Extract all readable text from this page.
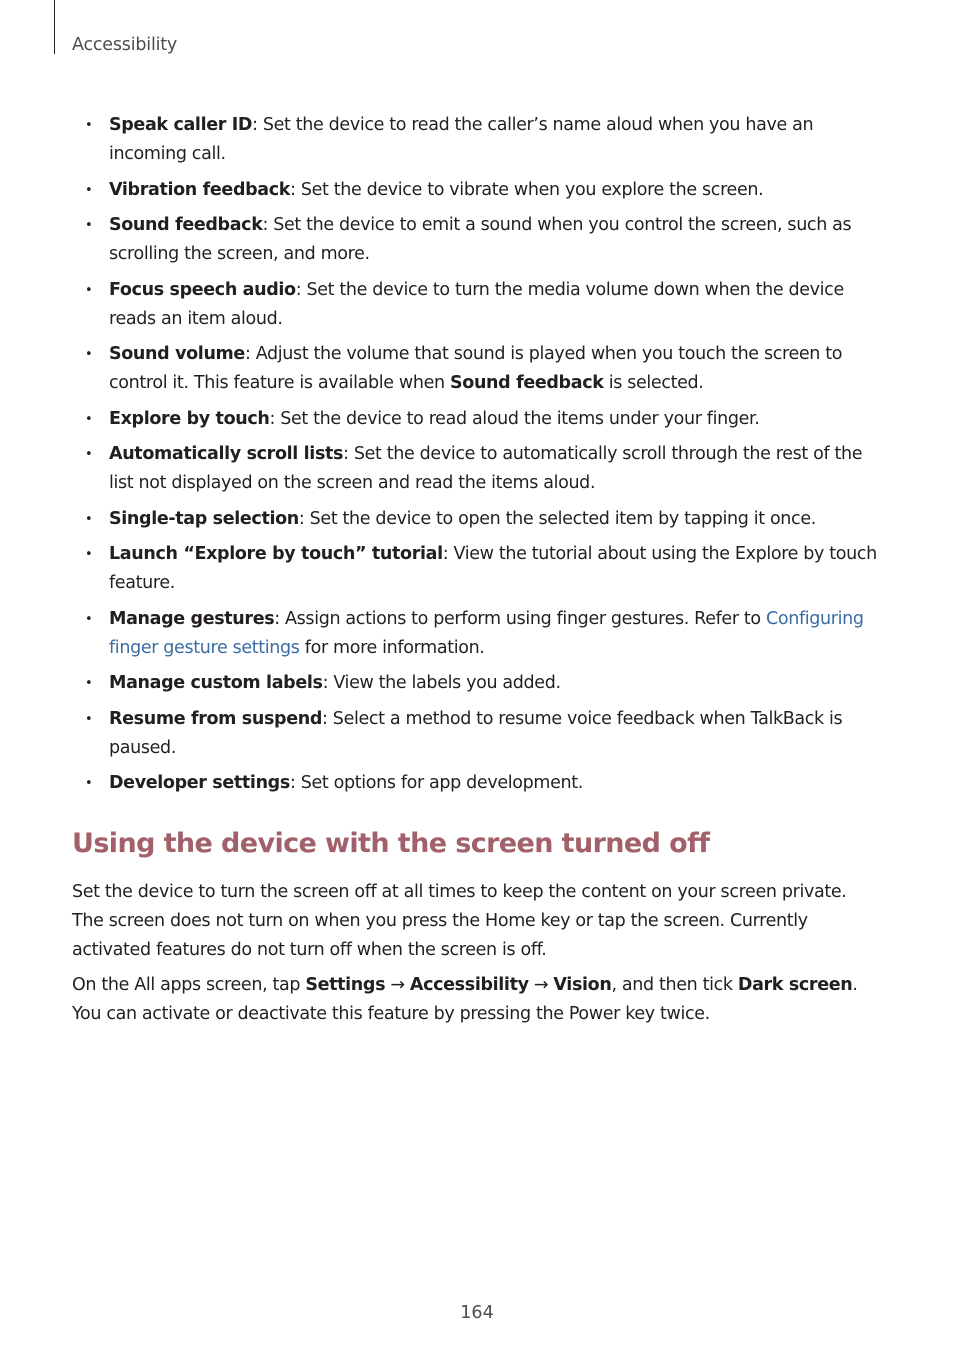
Accessibility
• Speak caller ID: Set the device to read the caller’s name aloud when you have an
incoming call.
• Vibration feedback: Set the device to vibrate when you explore the screen.
• Sound feedback: Set the device to emit a sound when you control the screen, such as
scrolling the screen, and more.
• Focus speech audio: Set the device to turn the media volume down when the device
reads an item aloud.
• Sound volume: Adjust the volume that sound is played when you touch the screen to
control it. This feature is available when Sound feedback is selected.
• Explore by touch: Set the device to read aloud the items under your finger.
• Automatically scroll lists: Set the device to automatically scroll through the rest of the
list not displayed on the screen and read the items aloud.
• Single-tap selection: Set the device to open the selected item by tapping it once.
• Launch “Explore by touch” tutorial: View the tutorial about using the Explore by touch
feature.
• Manage gestures: Assign actions to perform using finger gestures. Refer to Configuring
finger gesture settings for more information.
• Manage custom labels: View the labels you added.
• Resume from suspend: Select a method to resume voice feedback when TalkBack is
paused.
• Developer settings: Set options for app development.
Using the device with the screen turned off

Set the device to turn the screen off at all times to keep the content on your screen private.
The screen does not turn on when you press the Home key or tap the screen. Currently
activated features do not turn off when the screen is off.

On the All apps screen, tap Settings → Accessibility → Vision, and then tick Dark screen.
You can activate or deactivate this feature by pressing the Power key twice.

164
